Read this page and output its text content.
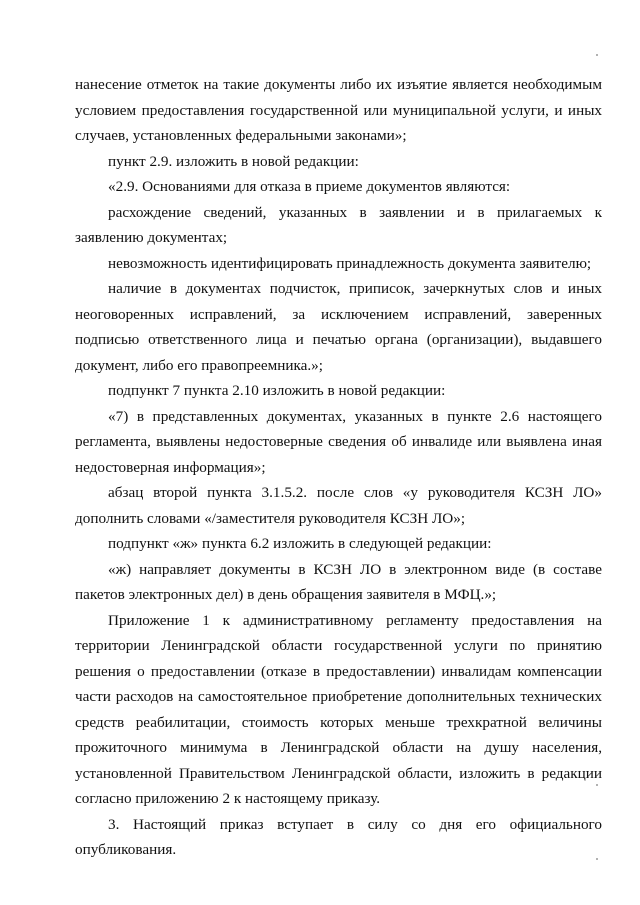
нанесение отметок на такие документы либо их изъятие является необходимым условием предоставления государственной или муниципальной услуги, и иных случаев, установленных федеральными законами»;

пункт 2.9. изложить в новой редакции:

«2.9. Основаниями для отказа в приеме документов являются:

расхождение сведений, указанных в заявлении и в прилагаемых к заявлению документах;

невозможность идентифицировать принадлежность документа заявителю;

наличие в документах подчисток, приписок, зачеркнутых слов и иных неоговоренных исправлений, за исключением исправлений, заверенных подписью ответственного лица и печатью органа (организации), выдавшего документ, либо его правопреемника.»;

подпункт 7 пункта 2.10 изложить в новой редакции:

«7) в представленных документах, указанных в пункте 2.6 настоящего регламента, выявлены недостоверные сведения об инвалиде или выявлена иная недостоверная информация»;

абзац второй пункта 3.1.5.2. после слов «у руководителя КСЗН ЛО» дополнить словами «/заместителя руководителя КСЗН ЛО»;

подпункт «ж» пункта 6.2 изложить в следующей редакции:

«ж) направляет документы в КСЗН ЛО в электронном виде (в составе пакетов электронных дел) в день обращения заявителя в МФЦ.»;

Приложение 1 к административному регламенту предоставления на территории Ленинградской области государственной услуги по принятию решения о предоставлении (отказе в предоставлении) инвалидам компенсации части расходов на самостоятельное приобретение дополнительных технических средств реабилитации, стоимость которых меньше трехкратной величины прожиточного минимума в Ленинградской области на душу населения, установленной Правительством Ленинградской области, изложить в редакции согласно приложению 2 к настоящему приказу.

3. Настоящий приказ вступает в силу со дня его официального опубликования.
